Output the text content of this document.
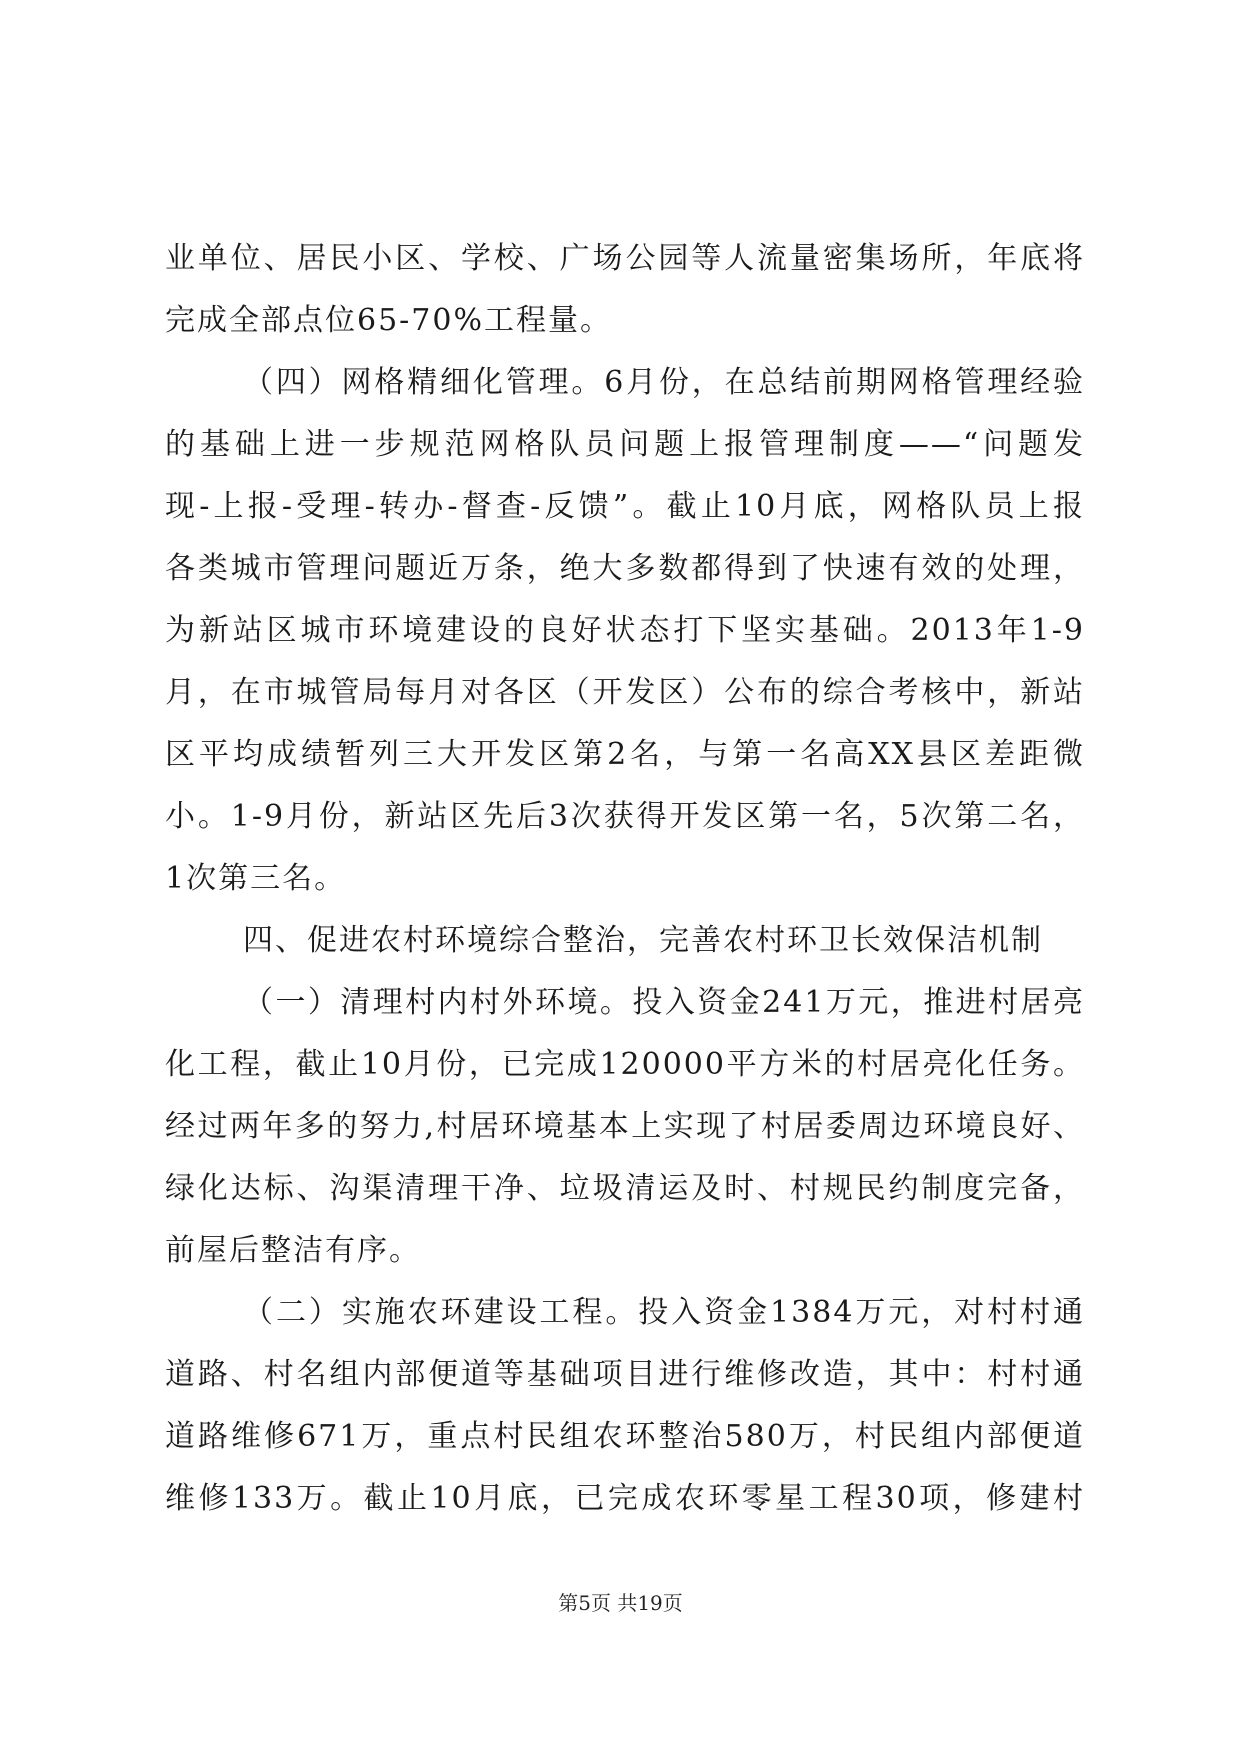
业单位、居民小区、学校、广场公园等人流量密集场所，年底将
完成全部点位65-70%工程量。
（四）网格精细化管理。6月份，在总结前期网格管理经验
的基础上进一步规范网格队员问题上报管理制度——“问题发
现-上报-受理-转办-督查-反馈”。截止10月底，网格队员上报
各类城市管理问题近万条，绝大多数都得到了快速有效的处理，
为新站区城市环境建设的良好状态打下坚实基础。2013年1-9
月，在市城管局每月对各区（开发区）公布的综合考核中，新站
区平均成绩暂列三大开发区第2名，与第一名高XX县区差距微
小。1-9月份，新站区先后3次获得开发区第一名，5次第二名，
1次第三名。
四、促进农村环境综合整治，完善农村环卫长效保洁机制
（一）清理村内村外环境。投入资金241万元，推进村居亮
化工程，截止10月份，已完成120000平方米的村居亮化任务。
经过两年多的努力,村居环境基本上实现了村居委周边环境良好、
绿化达标、沟渠清理干净、垃圾清运及时、村规民约制度完备，
前屋后整洁有序。
（二）实施农环建设工程。投入资金1384万元，对村村通
道路、村名组内部便道等基础项目进行维修改造，其中：村村通
道路维修671万，重点村民组农环整治580万，村民组内部便道
维修133万。截止10月底，已完成农环零星工程30项，修建村
第5页 共19页
